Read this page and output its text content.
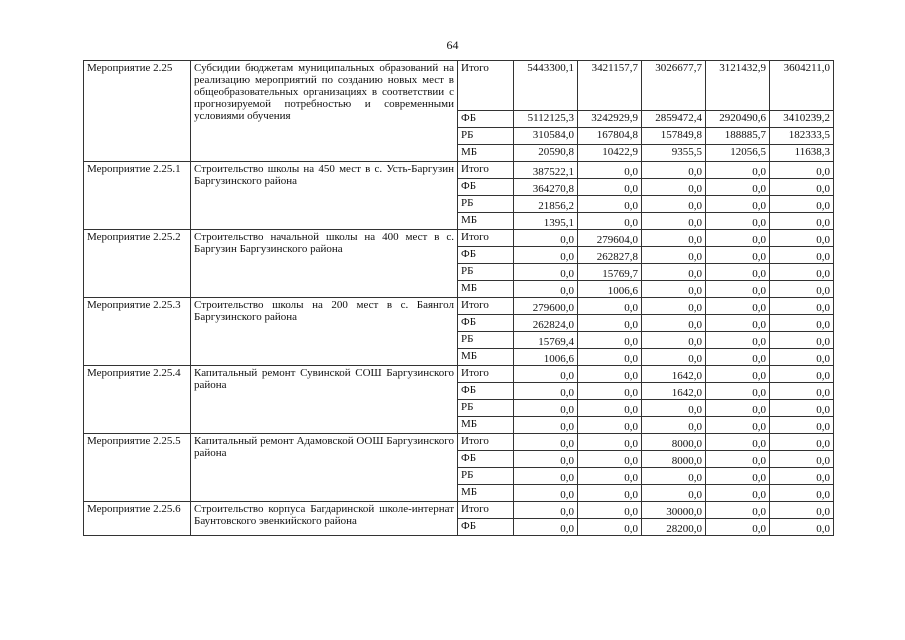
64
Мероприятие 2.25	Субсидии бюджетам муниципальных образований на реализацию мероприятий по созданию новых мест в общеобразовательных организациях в соответствии с прогнозируемой потребностью и современными условиями обучения	Итого	5443300,1	3421157,7	3026677,7	3121432,9	3604211,0
		ФБ	5112125,3	3242929,9	2859472,4	2920490,6	3410239,2
		РБ	310584,0	167804,8	157849,8	188885,7	182333,5
		МБ	20590,8	10422,9	9355,5	12056,5	11638,3
Мероприятие 2.25.1	Строительство школы на 450 мест в с. Усть-Баргузин Баргузинского района	Итого	387522,1	0,0	0,0	0,0	0,0
		ФБ	364270,8	0,0	0,0	0,0	0,0
		РБ	21856,2	0,0	0,0	0,0	0,0
		МБ	1395,1	0,0	0,0	0,0	0,0
Мероприятие 2.25.2	Строительство начальной школы на 400 мест в с. Баргузин Баргузинского района	Итого	0,0	279604,0	0,0	0,0	0,0
		ФБ	0,0	262827,8	0,0	0,0	0,0
		РБ	0,0	15769,7	0,0	0,0	0,0
		МБ	0,0	1006,6	0,0	0,0	0,0
Мероприятие 2.25.3	Строительство школы на 200 мест в с. Баянгол Баргузинского района	Итого	279600,0	0,0	0,0	0,0	0,0
		ФБ	262824,0	0,0	0,0	0,0	0,0
		РБ	15769,4	0,0	0,0	0,0	0,0
		МБ	1006,6	0,0	0,0	0,0	0,0
Мероприятие 2.25.4	Капитальный ремонт Сувинской СОШ Баргузинского района	Итого	0,0	0,0	1642,0	0,0	0,0
		ФБ	0,0	0,0	1642,0	0,0	0,0
		РБ	0,0	0,0	0,0	0,0	0,0
		МБ	0,0	0,0	0,0	0,0	0,0
Мероприятие 2.25.5	Капитальный ремонт Адамовской ООШ Баргузинского района	Итого	0,0	0,0	8000,0	0,0	0,0
		ФБ	0,0	0,0	8000,0	0,0	0,0
		РБ	0,0	0,0	0,0	0,0	0,0
		МБ	0,0	0,0	0,0	0,0	0,0
Мероприятие 2.25.6	Строительство корпуса Багдаринской школе-интернат Баунтовского эвенкийского района	Итого	0,0	0,0	30000,0	0,0	0,0
		ФБ	0,0	0,0	28200,0	0,0	0,0
